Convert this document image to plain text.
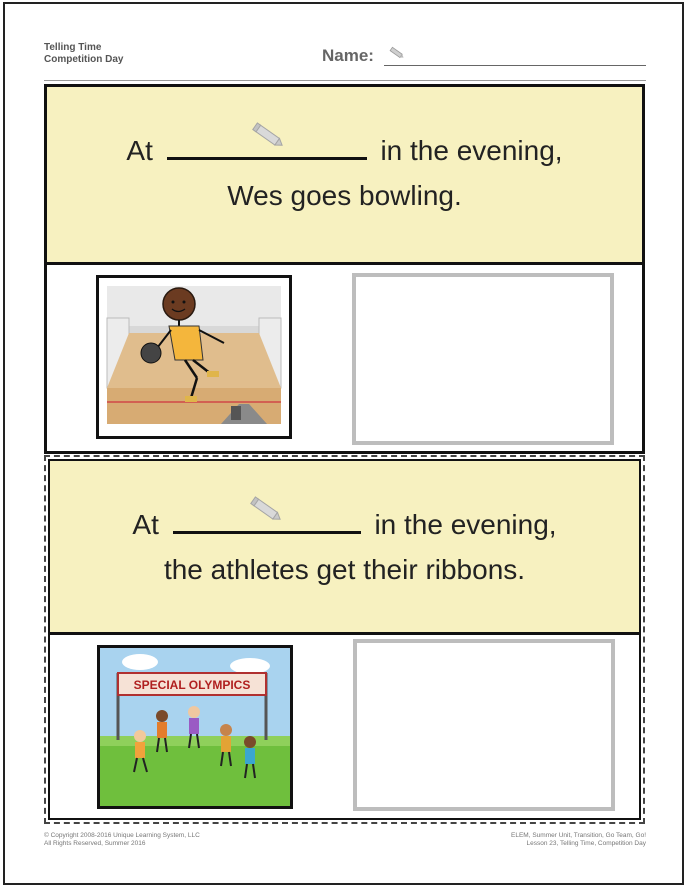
Telling Time
Competition Day	Name:
At	in the evening,
Wes goes bowling.
At	in the evening,
the athletes get their ribbons.
SPECIAL OLYMPICS
© Copyright 2008-2016 Unique Learning System, LLC
All Rights Reserved, Summer 2016
ELEM, Summer Unit, Transition, Go Team, Go!
Lesson 23, Telling Time, Competition Day
